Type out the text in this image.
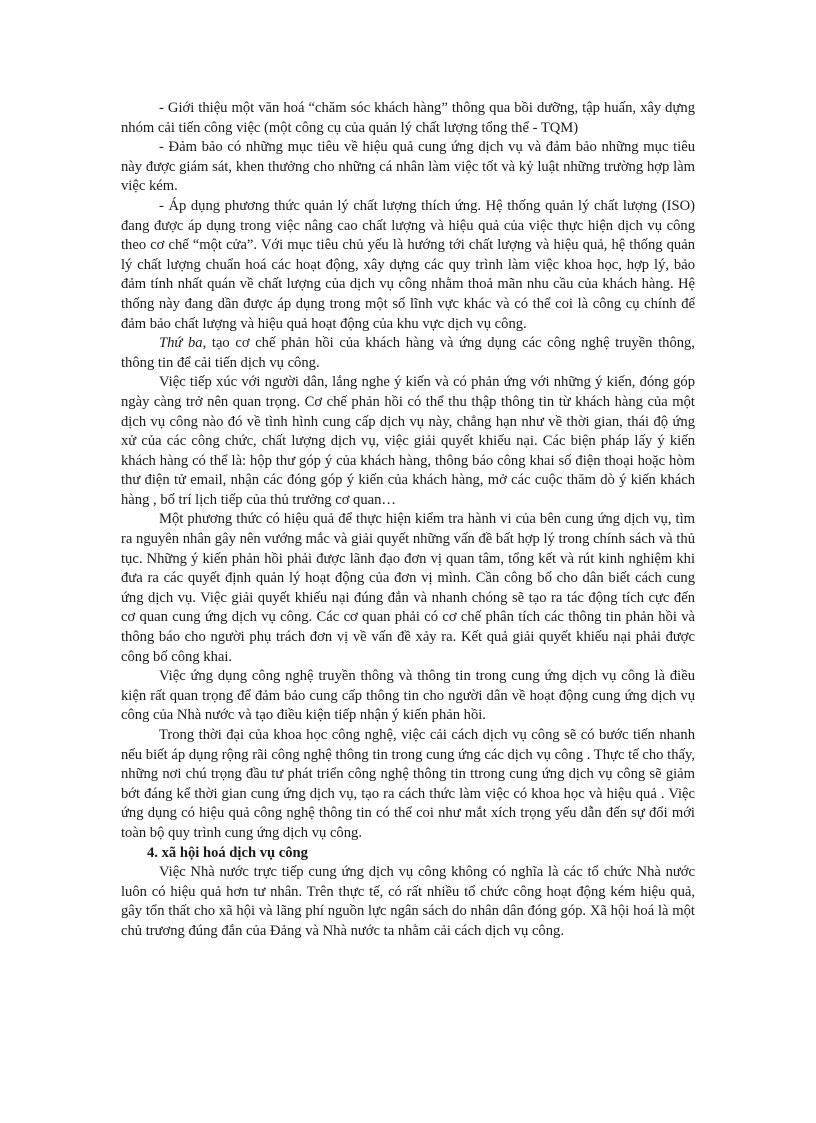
- Giới thiệu một văn hoá “chăm sóc khách hàng” thông qua bồi dưỡng, tập huấn, xây dựng nhóm cải tiến công việc (một công cụ của quản lý chất lượng tổng thể - TQM)

- Đảm bảo có những mục tiêu về hiệu quả cung ứng dịch vụ và đảm bảo những mục tiêu này được giám sát, khen thưởng cho những cá nhân làm việc tốt và kỷ luật những trường hợp làm việc kém.

- Áp dụng phương thức quản lý chất lượng thích ứng. Hệ thống quản lý chất lượng (ISO) đang được áp dụng trong việc nâng cao chất lượng và hiệu quả của việc thực hiện dịch vụ công theo cơ chế “một cửa”. Với mục tiêu chủ yếu là hướng tới chất lượng và hiệu quả, hệ thống quản lý chất lượng chuẩn hoá các hoạt động, xây dựng các quy trình làm việc khoa học, hợp lý, bảo đảm tính nhất quán về chất lượng của dịch vụ công nhằm thoả mãn nhu cầu của khách hàng. Hệ thống này đang dần được áp dụng trong một số lĩnh vực khác và có thể coi là công cụ chính để đảm bảo chất lượng và hiệu quả hoạt động của khu vực dịch vụ công.

Thứ ba, tạo cơ chế phản hồi của khách hàng và ứng dụng các công nghệ truyền thông, thông tin để cải tiến dịch vụ công.

Việc tiếp xúc với người dân, lắng nghe ý kiến và có phản ứng với những ý kiến, đóng góp ngày càng trở nên quan trọng. Cơ chế phản hồi có thể thu thập thông tin từ khách hàng của một dịch vụ công nào đó về tình hình cung cấp dịch vụ này, chẳng hạn như về thời gian, thái độ ứng xử của các công chức, chất lượng dịch vụ, việc giải quyết khiếu nại. Các biện pháp lấy ý kiến khách hàng có thể là: hộp thư góp ý của khách hàng, thông báo công khai số điện thoại hoặc hòm thư điện tử email, nhận các đóng góp ý kiến của khách hàng, mở các cuộc thăm dò ý kiến khách hàng , bố trí lịch tiếp của thủ trưởng cơ quan…

Một phương thức có hiệu quả để thực hiện kiểm tra hành vi của bên cung ứng dịch vụ, tìm ra nguyên nhân gây nên vướng mắc và giải quyết những vấn đề bất hợp lý trong chính sách và thủ tục. Những ý kiến phản hồi phải được lãnh đạo đơn vị quan tâm, tổng kết và rút kinh nghiệm khi đưa ra các quyết định quản lý hoạt động của đơn vị mình. Cần công bố cho dân biết cách cung ứng dịch vụ. Việc giải quyết khiếu nại đúng đắn và nhanh chóng sẽ tạo ra tác động tích cực đến cơ quan cung ứng dịch vụ công. Các cơ quan phải có cơ chế phân tích các thông tin phản hồi và thông báo cho người phụ trách đơn vị về vấn đề xảy ra. Kết quả giải quyết khiếu nại phải được công bố công khai.

Việc ứng dụng công nghệ truyền thông và thông tin trong cung ứng dịch vụ công là điều kiện rất quan trọng để đảm bảo cung cấp thông tin cho người dân về hoạt động cung ứng dịch vụ công của Nhà nước và tạo điều kiện tiếp nhận ý kiến phản hồi.

Trong thời đại của khoa học công nghệ, việc cải cách dịch vụ công sẽ có bước tiến nhanh nếu biết áp dụng rộng rãi công nghệ thông tin trong cung ứng các dịch vụ công . Thực tế cho thấy, những nơi chú trọng đầu tư phát triển công nghệ thông tin ttrong cung ứng dịch vụ công sẽ giảm bớt đáng kể thời gian cung ứng dịch vụ, tạo ra cách thức làm việc có khoa học và hiệu quả . Việc ứng dụng có hiệu quả công nghệ thông tin có thể coi như mắt xích trọng yếu dẫn đến sự đổi mới toàn bộ quy trình cung ứng dịch vụ công.

4. xã hội hoá dịch vụ công

Việc Nhà nước trực tiếp cung ứng dịch vụ công không có nghĩa là các tổ chức Nhà nước luôn có hiệu quả hơn tư nhân. Trên thực tế, có rất nhiều tổ chức công hoạt động kém hiệu quả, gây tổn thất cho xã hội và lãng phí nguồn lực ngân sách do nhân dân đóng góp. Xã hội hoá là một chủ trương đúng đắn của Đảng và Nhà nước ta nhằm cải cách dịch vụ công.
